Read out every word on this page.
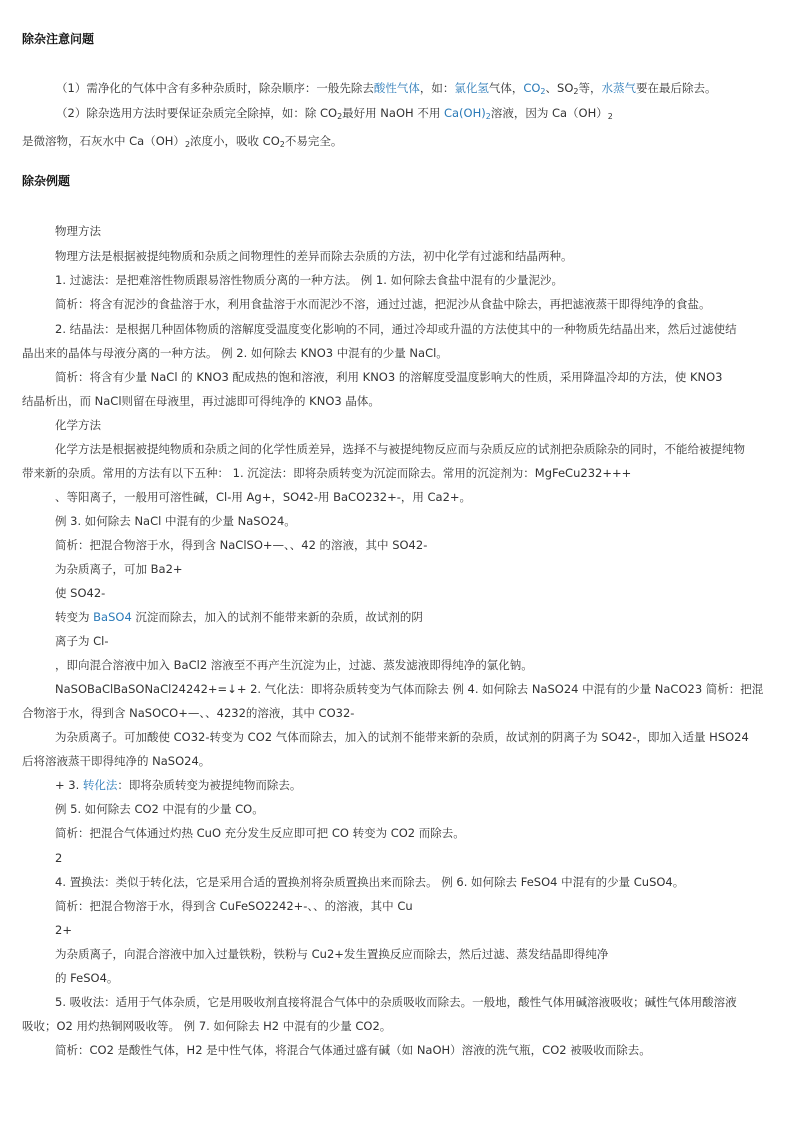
除杂注意问题

（1）需净化的气体中含有多种杂质时，除杂顺序：一般先除去酸性气体，如：氯化氢气体，$CO_2$、$SO_2$等，水蒸气要在最后除去。

（2）除杂选用方法时要保证杂质完全除掉，如：除 $CO_2$最好用 NaOH 不用 $Ca(OH)_2$溶液，因为 $Ca(OH)_2$是微溶物，石灰水中 $Ca(OH)_2$浓度小，吸收 $CO_2$不易完全。

除杂例题

物理方法

物理方法是根据被提纯物质和杂质之间物理性的差异而除去杂质的方法，初中化学有过滤和结晶两种。

1. 过滤法：是把难溶性物质跟易溶性物质分离的一种方法。 例 1. 如何除去食盐中混有的少量泥沙。

简析：将含有泥沙的食盐溶于水，利用食盐溶于水而泥沙不溶，通过过滤，把泥沙从食盐中除去，再把滤液蒸干即得纯净的食盐。

2. 结晶法：是根据几种固体物质的溶解度受温度变化影响的不同，通过冷却或升温的方法使其中的一种物质先结晶出来，然后过滤使结

晶出来的晶体与母液分离的一种方法。 例 2. 如何除去 KNO3 中混有的少量 NaCl。

简析：将含有少量 NaCl 的 KNO3 配成热的饱和溶液，利用 KNO3 的溶解度受温度影响大的性质，采用降温冷却的方法，使 KNO3

结晶析出，而 NaCl则留在母液里，再过滤即可得纯净的 KNO3 晶体。

化学方法

化学方法是根据被提纯物质和杂质之间的化学性质差异，选择不与被提纯物反应而与杂质反应的试剂把杂质除杂的同时，不能给被提纯物

带来新的杂质。常用的方法有以下五种： 1. 沉淀法：即将杂质转变为沉淀而除去。常用的沉淀剂为：MgFeCu232+++

、等阳离子，一般用可溶性碱，Cl-用 Ag+，SO42-用 BaCO232+-，用 Ca2+。

例 3. 如何除去 NaCl 中混有的少量 NaSO24。

简析：把混合物溶于水，得到含 NaClSO+—、、42 的溶液，其中 SO42-

为杂质离子，可加 Ba2+

使 SO42-

转变为 BaSO4 沉淀而除去，加入的试剂不能带来新的杂质，故试剂的阴

离子为 Cl-

，即向混合溶液中加入 BaCl2 溶液至不再产生沉淀为止，过滤、蒸发滤液即得纯净的氯化钠。

NaSOBaClBaSONaCl24242+=↓+ 2. 气化法：即将杂质转变为气体而除去 例 4. 如何除去 NaSO24 中混有的少量 NaCO23 简析：把混

合物溶于水，得到含 NaSOCO+—、、4232的溶液，其中 CO32-

为杂质离子。可加酸使 CO32-转变为 CO2 气体而除去，加入的试剂不能带来新的杂质，故试剂的阴离子为 SO42-，即加入适量 HSO24

后将溶液蒸干即得纯净的 NaSO24。

+ 3. 转化法：即将杂质转变为被提纯物而除去。

例 5. 如何除去 CO2 中混有的少量 CO。

简析：把混合气体通过灼热 CuO 充分发生反应即可把 CO 转变为 CO2 而除去。

2

4. 置换法：类似于转化法，它是采用合适的置换剂将杂质置换出来而除去。 例 6. 如何除去 FeSO4 中混有的少量 CuSO4。

简析：把混合物溶于水，得到含 CuFeSO2242+-、、的溶液，其中 Cu

2+

为杂质离子，向混合溶液中加入过量铁粉，铁粉与 Cu2+发生置换反应而除去，然后过滤、蒸发结晶即得纯净

的 FeSO4。

5. 吸收法：适用于气体杂质，它是用吸收剂直接将混合气体中的杂质吸收而除去。一般地，酸性气体用碱溶液吸收；碱性气体用酸溶液

吸收；O2 用灼热铜网吸收等。 例 7. 如何除去 H2 中混有的少量 CO2。

简析：CO2 是酸性气体，H2 是中性气体，将混合气体通过盛有碱（如 NaOH）溶液的洗气瓶，CO2 被吸收而除去。
